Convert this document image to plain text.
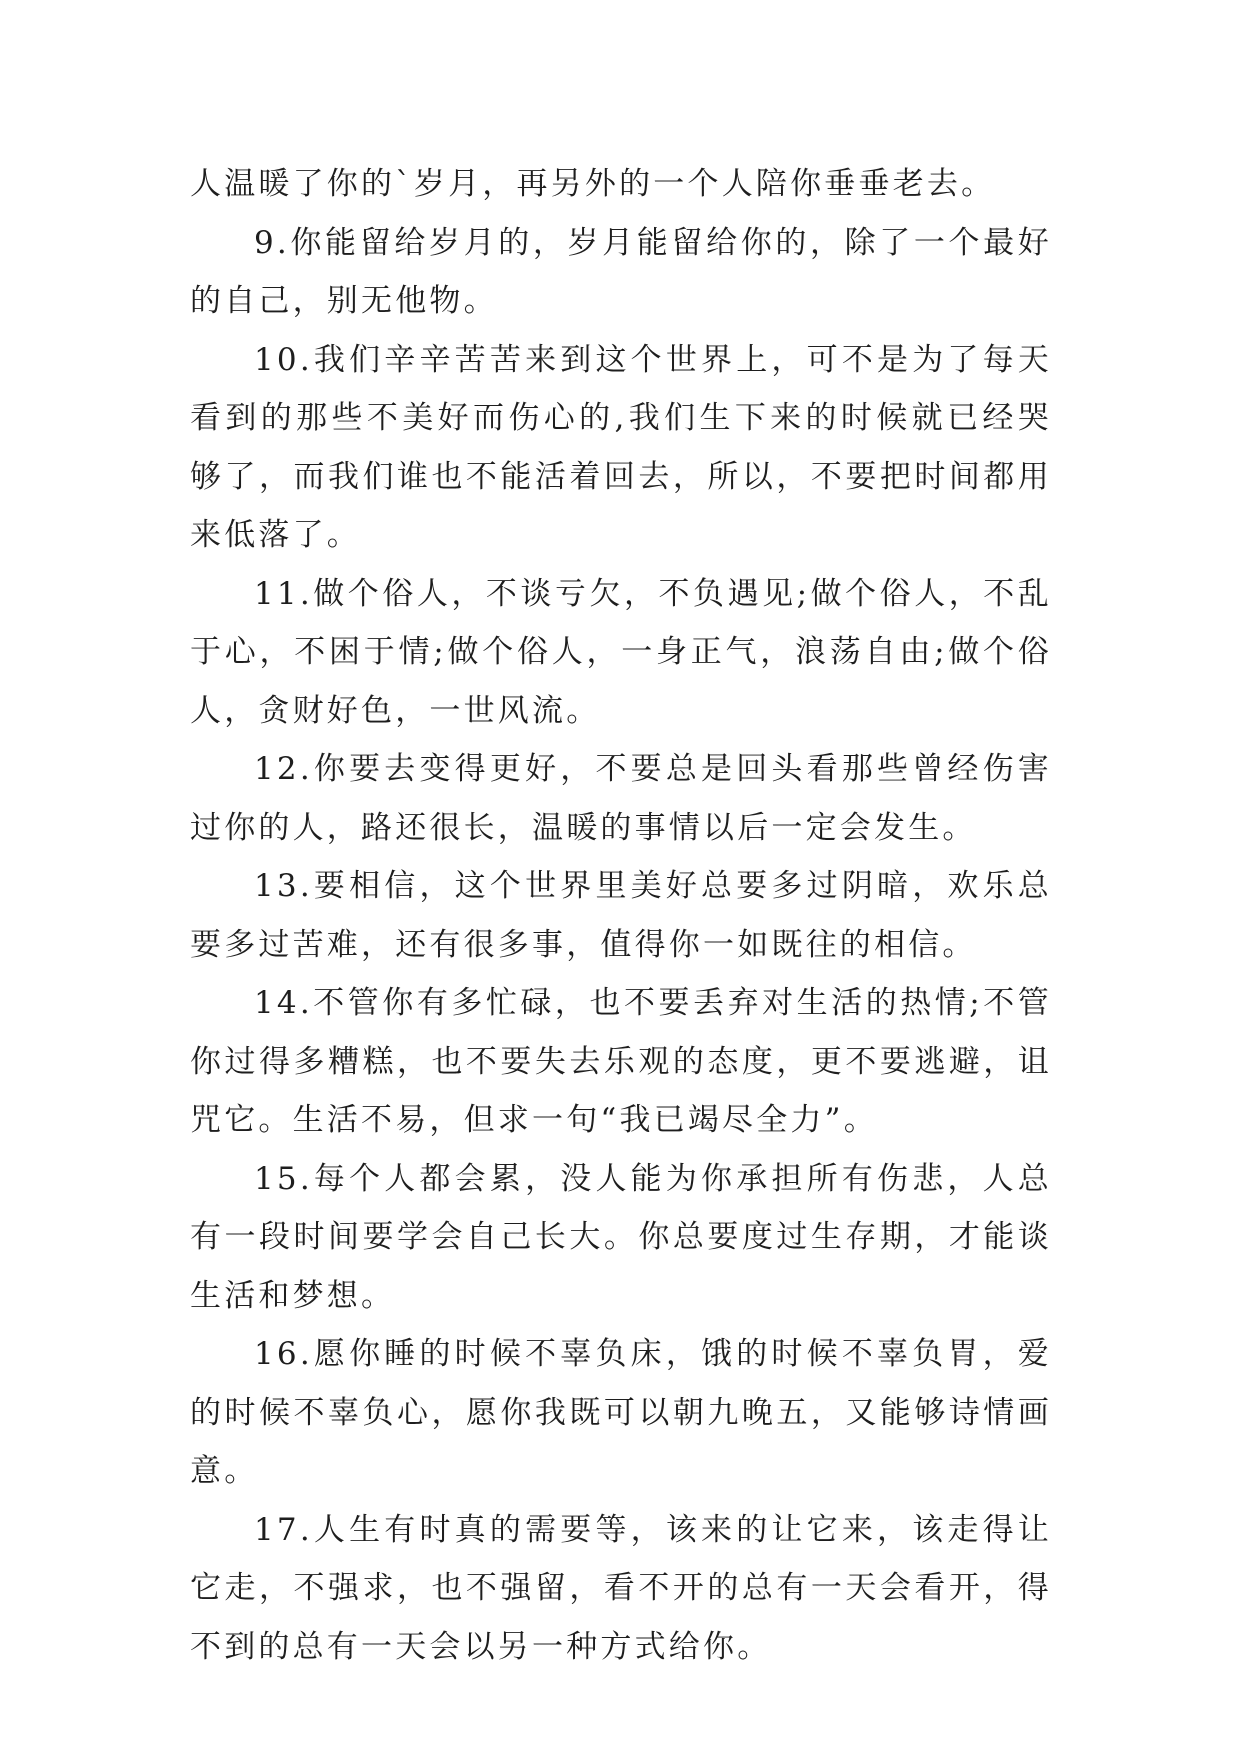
人温暖了你的`岁月，再另外的一个人陪你垂垂老去。

9.你能留给岁月的，岁月能留给你的，除了一个最好的自己，别无他物。

10.我们辛辛苦苦来到这个世界上，可不是为了每天看到的那些不美好而伤心的,我们生下来的时候就已经哭够了，而我们谁也不能活着回去，所以，不要把时间都用来低落了。

11.做个俗人，不谈亏欠，不负遇见;做个俗人，不乱于心，不困于情;做个俗人，一身正气，浪荡自由;做个俗人，贪财好色，一世风流。

12.你要去变得更好，不要总是回头看那些曾经伤害过你的人，路还很长，温暖的事情以后一定会发生。

13.要相信，这个世界里美好总要多过阴暗，欢乐总要多过苦难，还有很多事，值得你一如既往的相信。

14.不管你有多忙碌，也不要丢弃对生活的热情;不管你过得多糟糕，也不要失去乐观的态度，更不要逃避，诅咒它。生活不易，但求一句“我已竭尽全力”。

15.每个人都会累，没人能为你承担所有伤悲，人总有一段时间要学会自己长大。你总要度过生存期，才能谈生活和梦想。

16.愿你睡的时候不辜负床，饿的时候不辜负胃，爱的时候不辜负心，愿你我既可以朝九晚五，又能够诗情画意。

17.人生有时真的需要等，该来的让它来，该走得让它走，不强求，也不强留，看不开的总有一天会看开，得不到的总有一天会以另一种方式给你。
